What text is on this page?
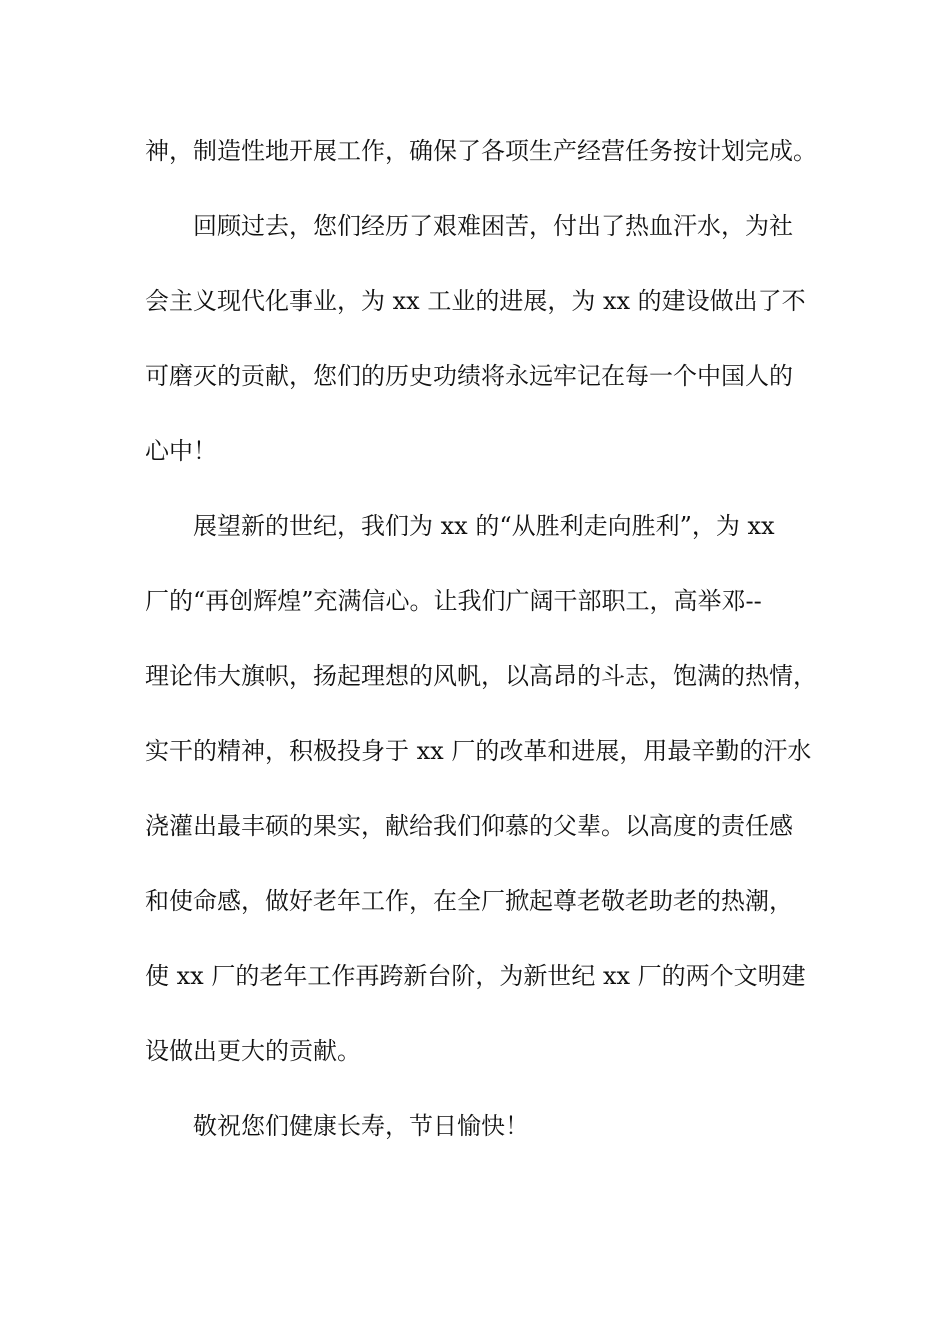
神，制造性地开展工作，确保了各项生产经营任务按计划完成。

回顾过去，您们经历了艰难困苦，付出了热血汗水，为社

会主义现代化事业，为 xx 工业的进展，为 xx 的建设做出了不

可磨灭的贡献，您们的历史功绩将永远牢记在每一个中国人的

心中！

展望新的世纪，我们为 xx 的“从胜利走向胜利”，为 xx

厂的“再创辉煌”充满信心。让我们广阔干部职工，高举邓--

理论伟大旗帜，扬起理想的风帆，以高昂的斗志，饱满的热情，

实干的精神，积极投身于 xx 厂的改革和进展，用最辛勤的汗水

浇灌出最丰硕的果实，献给我们仰慕的父辈。以高度的责任感

和使命感，做好老年工作，在全厂掀起尊老敬老助老的热潮，

使 xx 厂的老年工作再跨新台阶，为新世纪 xx 厂的两个文明建

设做出更大的贡献。

敬祝您们健康长寿，节日愉快！
